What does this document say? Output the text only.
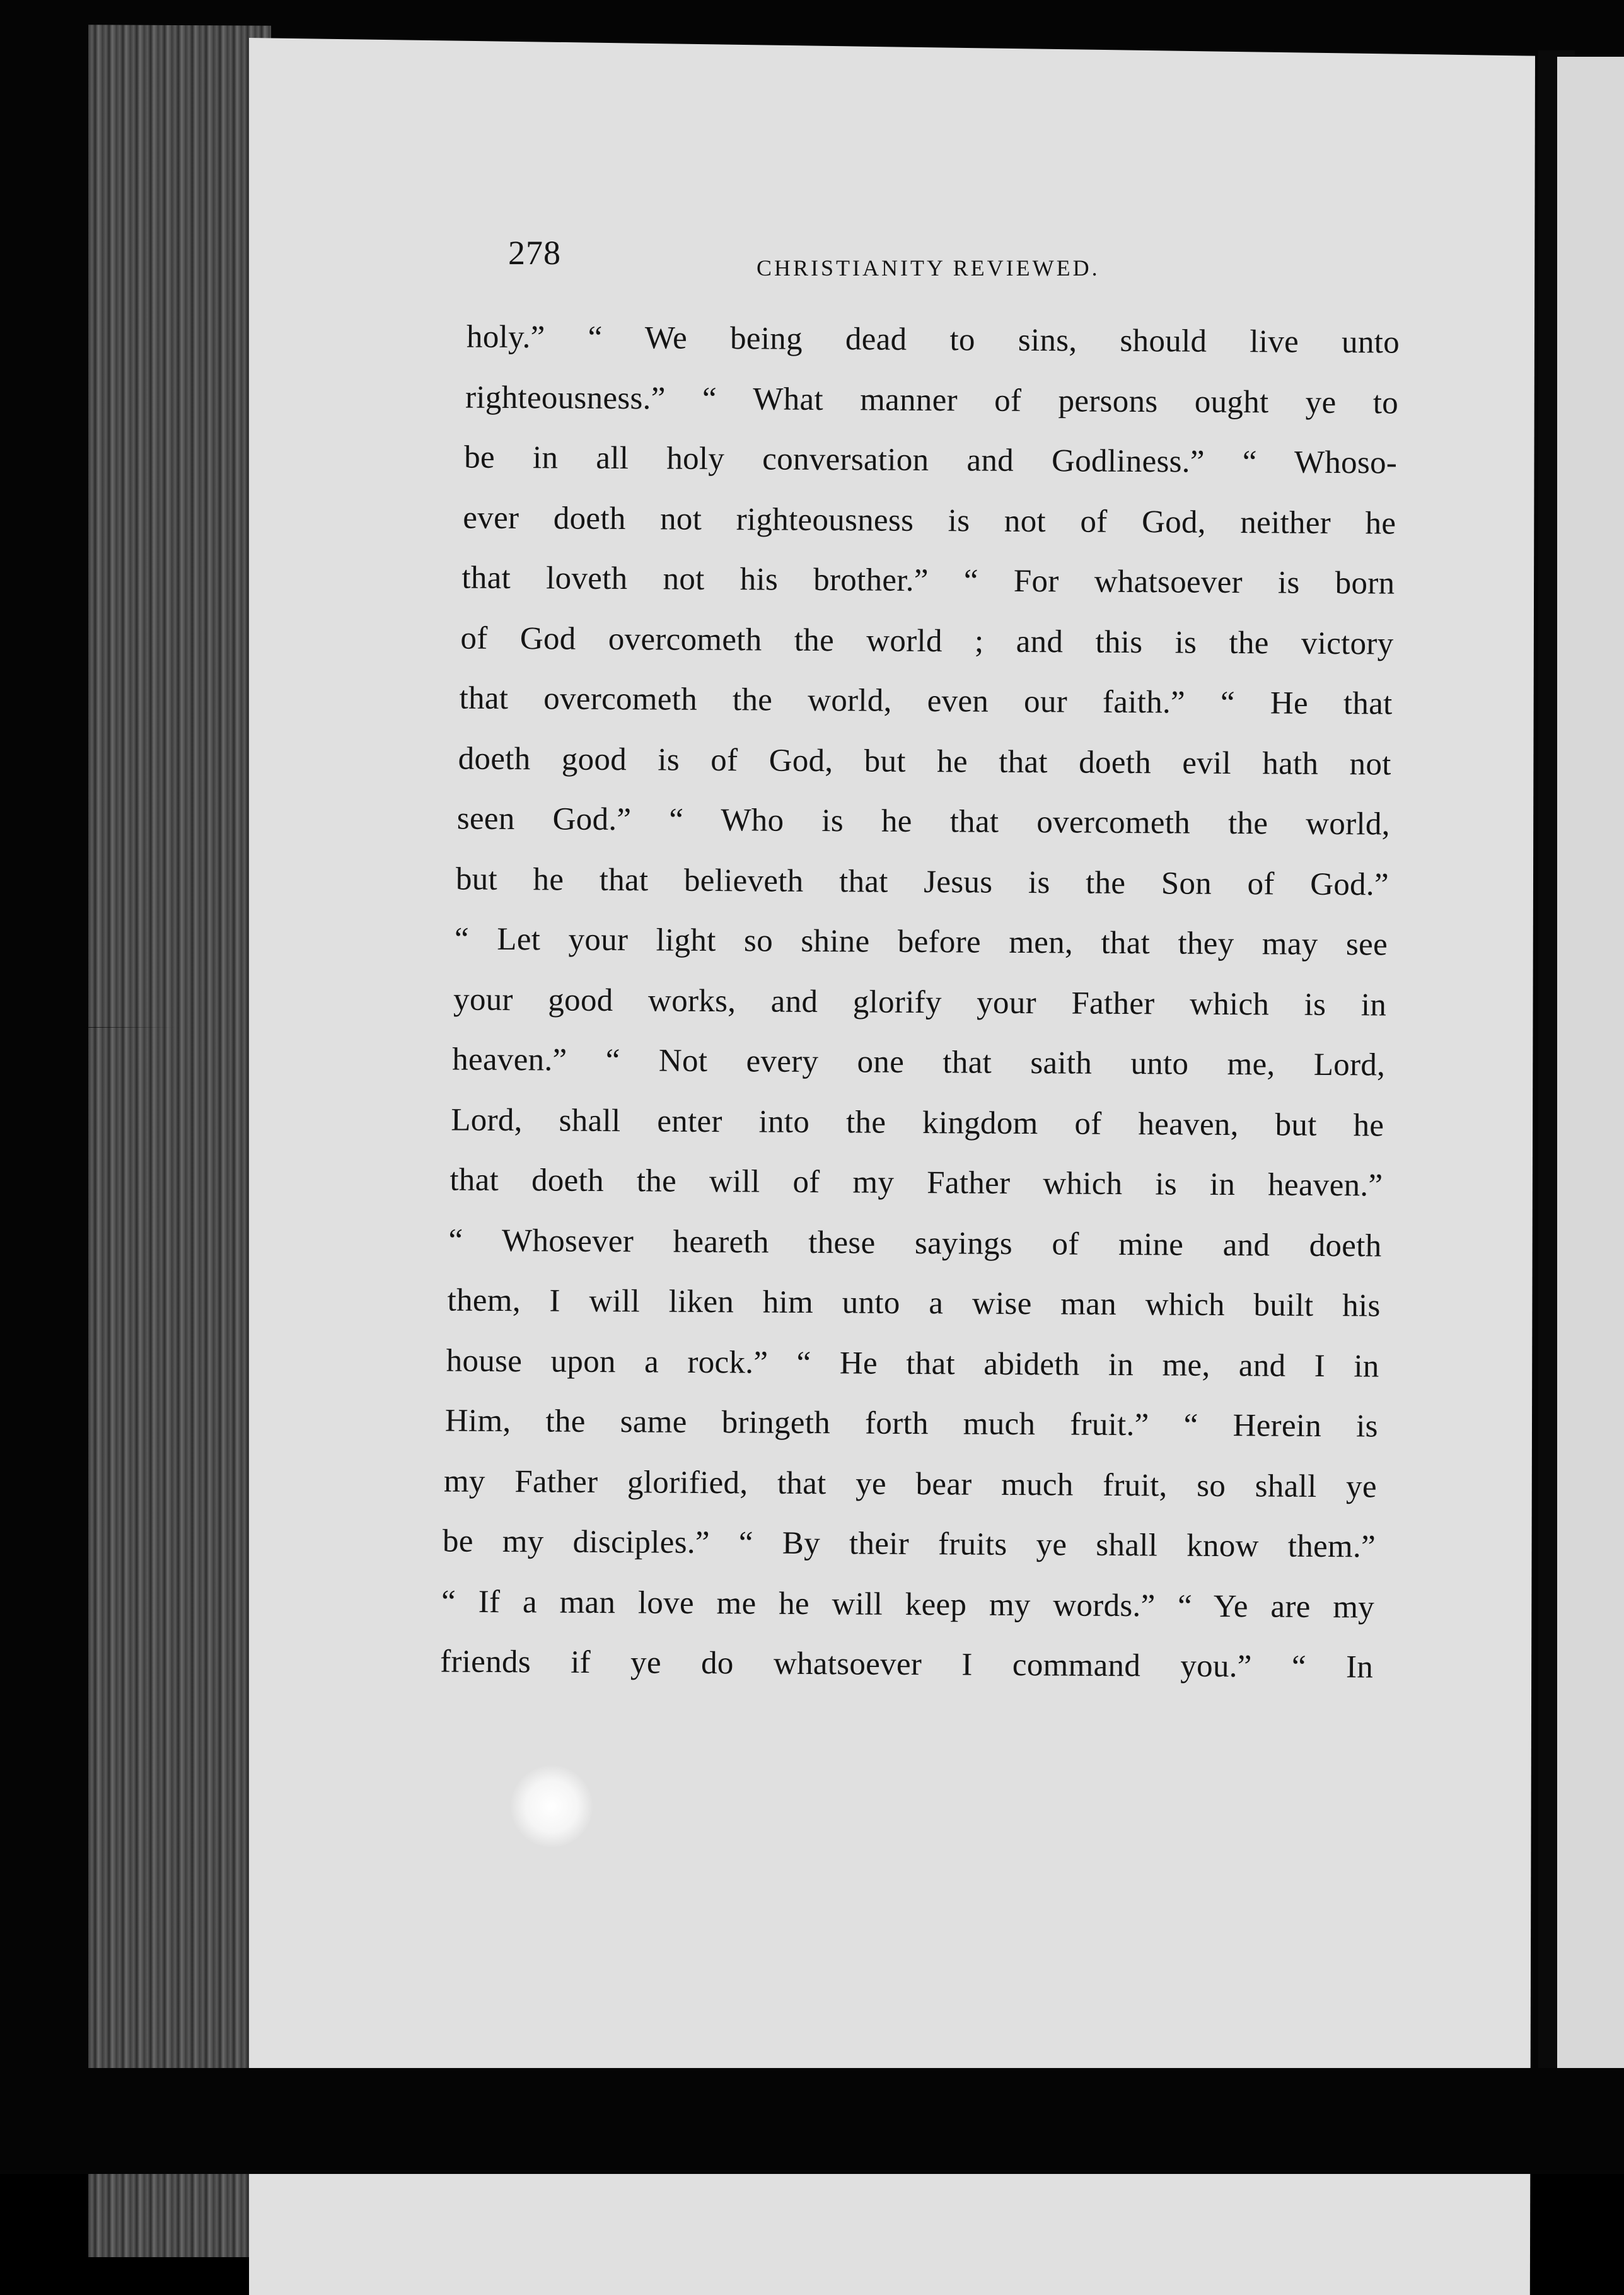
278	CHRISTIANITY REVIEWED.
holy.” “ We being dead to sins, should live unto
righteousness.” “ What manner of persons ought ye to
be in all holy conversation and Godliness.” “ Whoso-
ever doeth not righteousness is not of God, neither he
that loveth not his brother.” “ For whatsoever is born
of God overcometh the world ; and this is the victory
that overcometh the world, even our faith.” “ He that
doeth good is of God, but he that doeth evil hath not
seen God.” “ Who is he that overcometh the world,
but he that believeth that Jesus is the Son of God.”
“ Let your light so shine before men, that they may see
your good works, and glorify your Father which is in
heaven.” “ Not every one that saith unto me, Lord,
Lord, shall enter into the kingdom of heaven, but he
that doeth the will of my Father which is in heaven.”
“ Whosever heareth these sayings of mine and doeth
them, I will liken him unto a wise man which built his
house upon a rock.” “ He that abideth in me, and I in
Him, the same bringeth forth much fruit.” “ Herein is
my Father glorified, that ye bear much fruit, so shall ye
be my disciples.” “ By their fruits ye shall know them.”
“ If a man love me he will keep my words.” “ Ye are my
friends if ye do whatsoever I command you.” “ In
